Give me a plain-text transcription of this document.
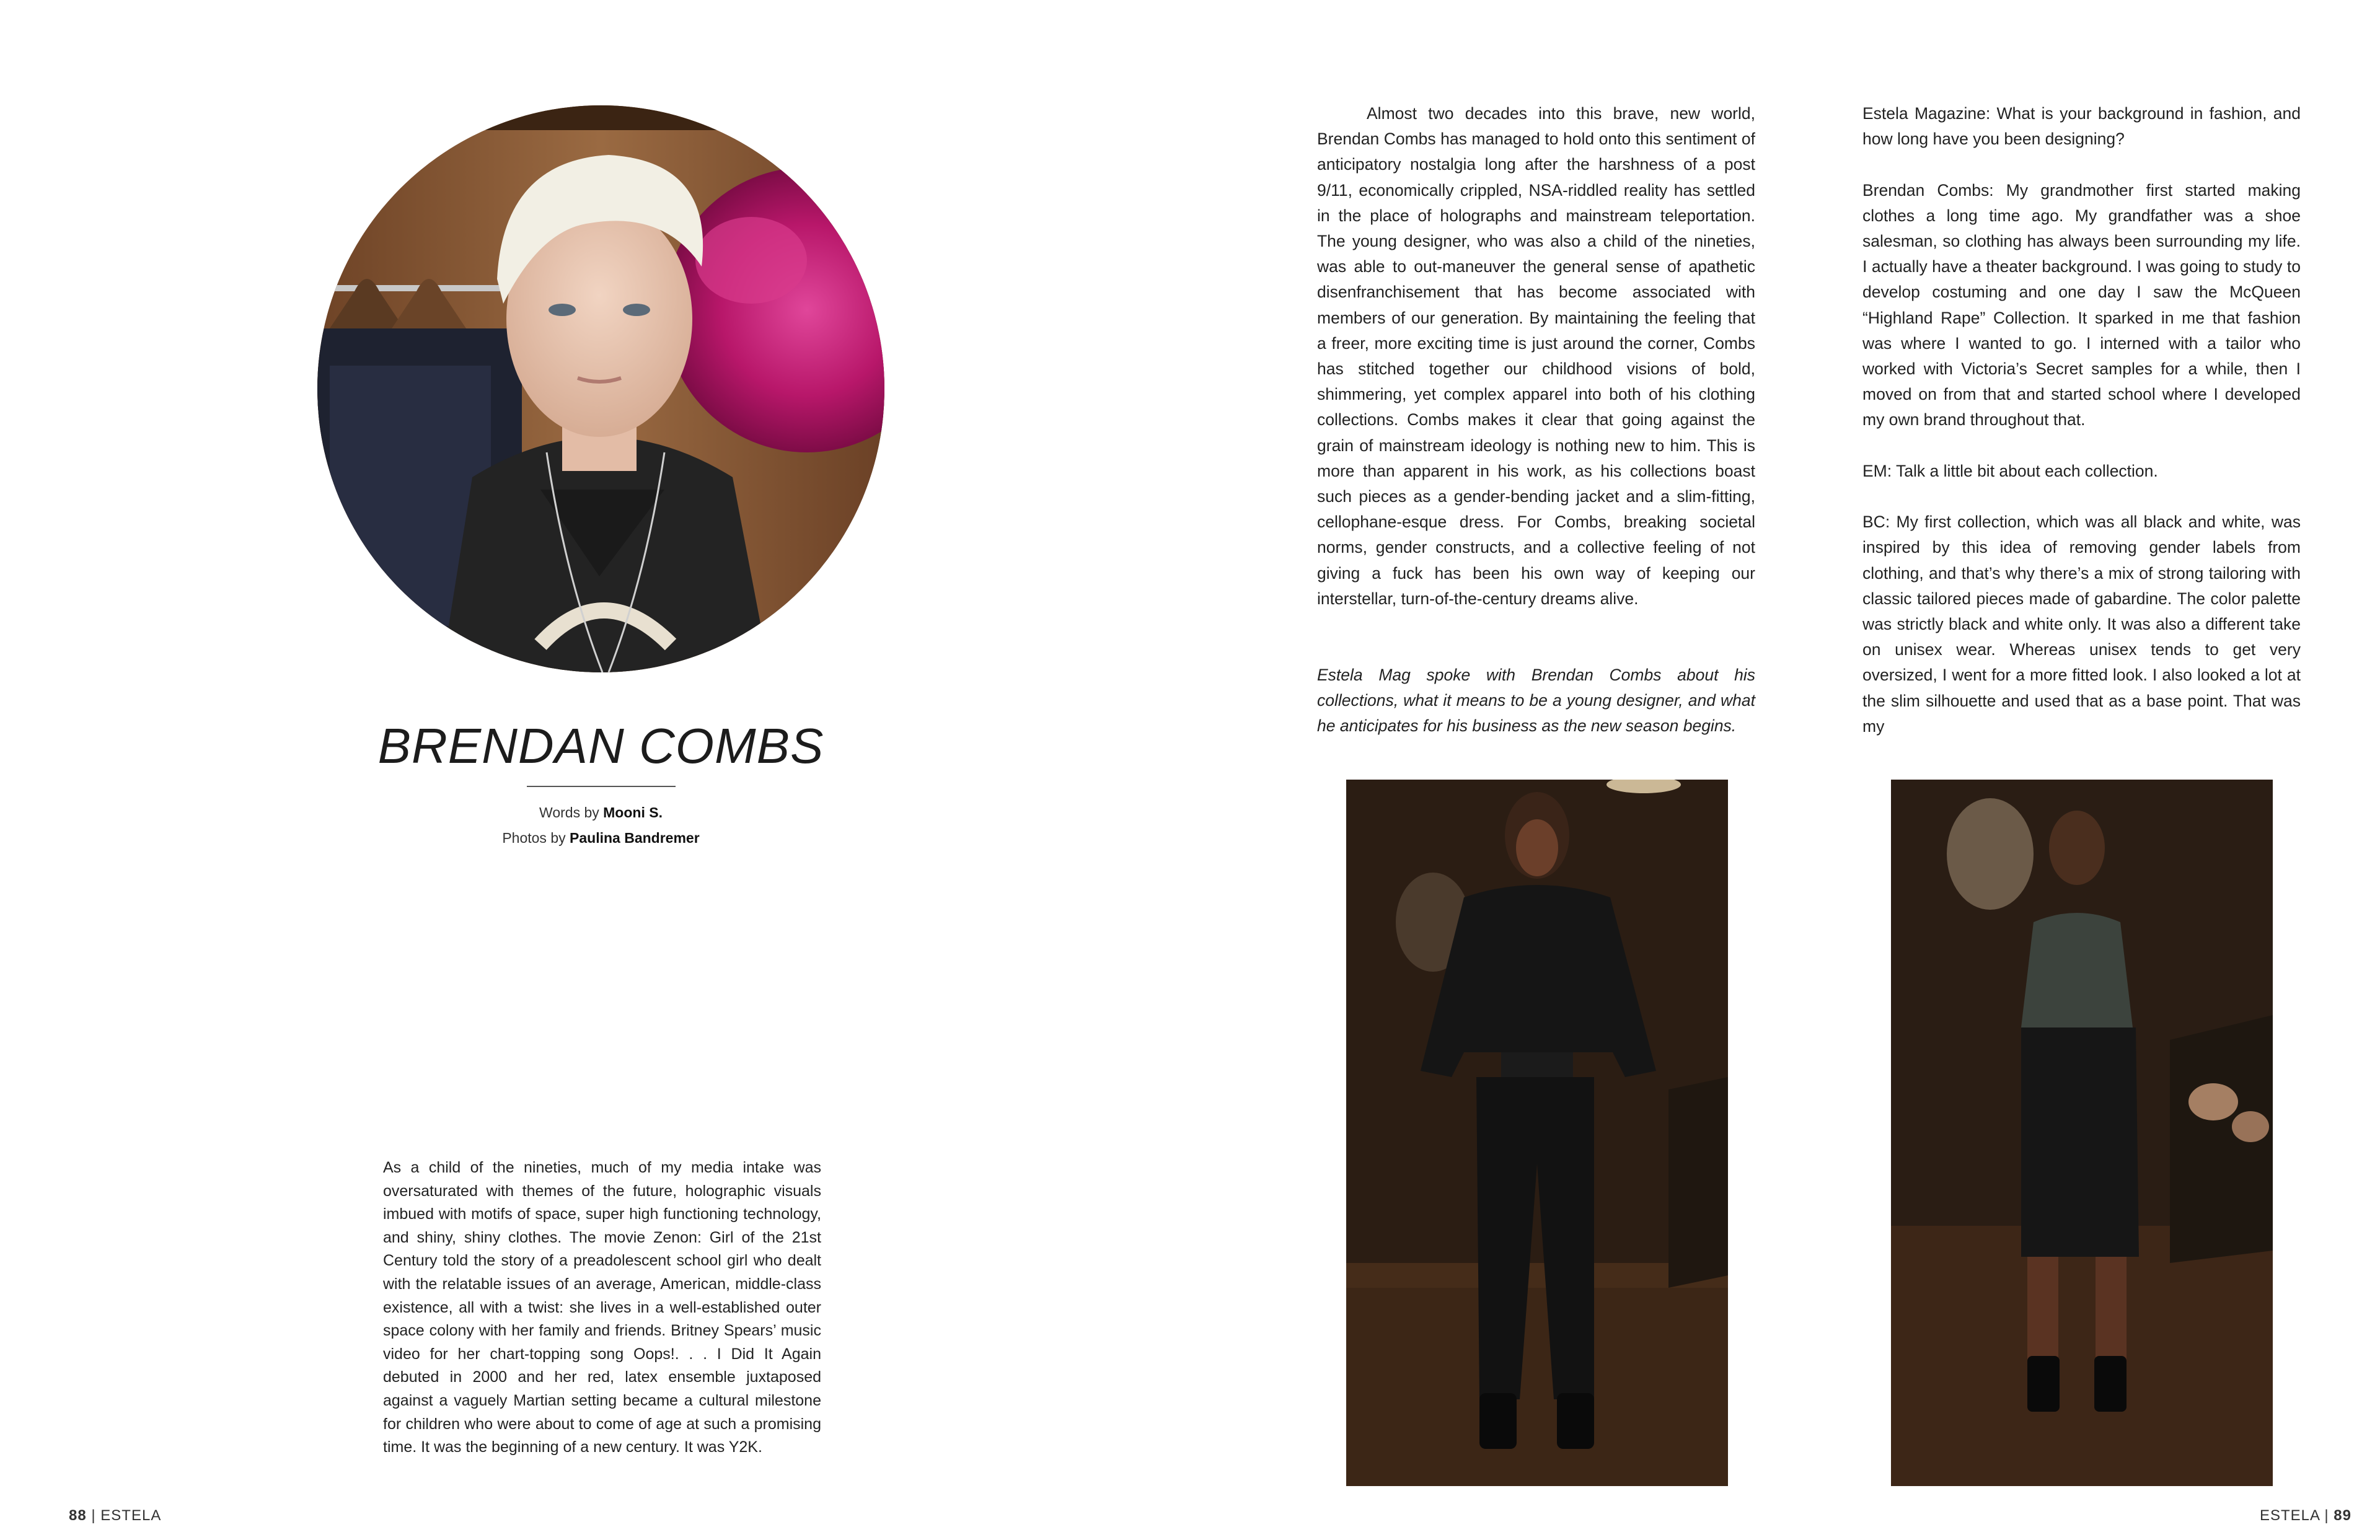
BRENDAN COMBS
Words by Mooni S.
Photos by Paulina Bandremer

As a child of the nineties, much of my media intake was oversaturated with themes of the future, holographic visuals imbued with motifs of space, super high functioning technology, and shiny, shiny clothes. The movie Zenon: Girl of the 21st Century told the story of a preadolescent school girl who dealt with the relatable issues of an average, American, middle-class existence, all with a twist: she lives in a well-established outer space colony with her family and friends. Britney Spears’ music video for her chart-topping song Oops!. . . I Did It Again debuted in 2000 and her red, latex ensemble juxtaposed against a vaguely Martian setting became a cultural milestone for children who were about to come of age at such a promising time. It was the beginning of a new century. It was Y2K.

88 | ESTELA

Almost two decades into this brave, new world, Brendan Combs has managed to hold onto this sentiment of anticipatory nostalgia long after the harshness of a post 9/11, economically crippled, NSA-riddled reality has settled in the place of holographs and mainstream teleportation. The young designer, who was also a child of the nineties, was able to out-maneuver the general sense of apathetic disenfranchisement that has become associated with members of our generation. By maintaining the feeling that a freer, more exciting time is just around the corner, Combs has stitched together our childhood visions of bold, shimmering, yet complex apparel into both of his clothing collections. Combs makes it clear that going against the grain of mainstream ideology is nothing new to him. This is more than apparent in his work, as his collections boast such pieces as a gender-bending jacket and a slim-fitting, cellophane-esque dress. For Combs, breaking societal norms, gender constructs, and a collective feeling of not giving a fuck has been his own way of keeping our interstellar, turn-of-the-century dreams alive.

Estela Mag spoke with Brendan Combs about his collections, what it means to be a young designer, and what he anticipates for his business as the new season begins.

Estela Magazine: What is your background in fashion, and how long have you been designing?

Brendan Combs: My grandmother first started making clothes a long time ago. My grandfather was a shoe salesman, so clothing has always been surrounding my life. I actually have a theater background. I was going to study to develop costuming and one day I saw the McQueen “Highland Rape” Collection. It sparked in me that fashion was where I wanted to go. I interned with a tailor who worked with Victoria’s Secret samples for a while, then I moved on from that and started school where I developed my own brand throughout that.

EM: Talk a little bit about each collection.

BC: My first collection, which was all black and white, was inspired by this idea of removing gender labels from clothing, and that’s why there’s a mix of strong tailoring with classic tailored pieces made of gabardine. The color palette was strictly black and white only. It was also a different take on unisex wear. Whereas unisex tends to get very oversized, I went for a more fitted look. I also looked a lot at the slim silhouette and used that as a base point. That was my

ESTELA | 89
